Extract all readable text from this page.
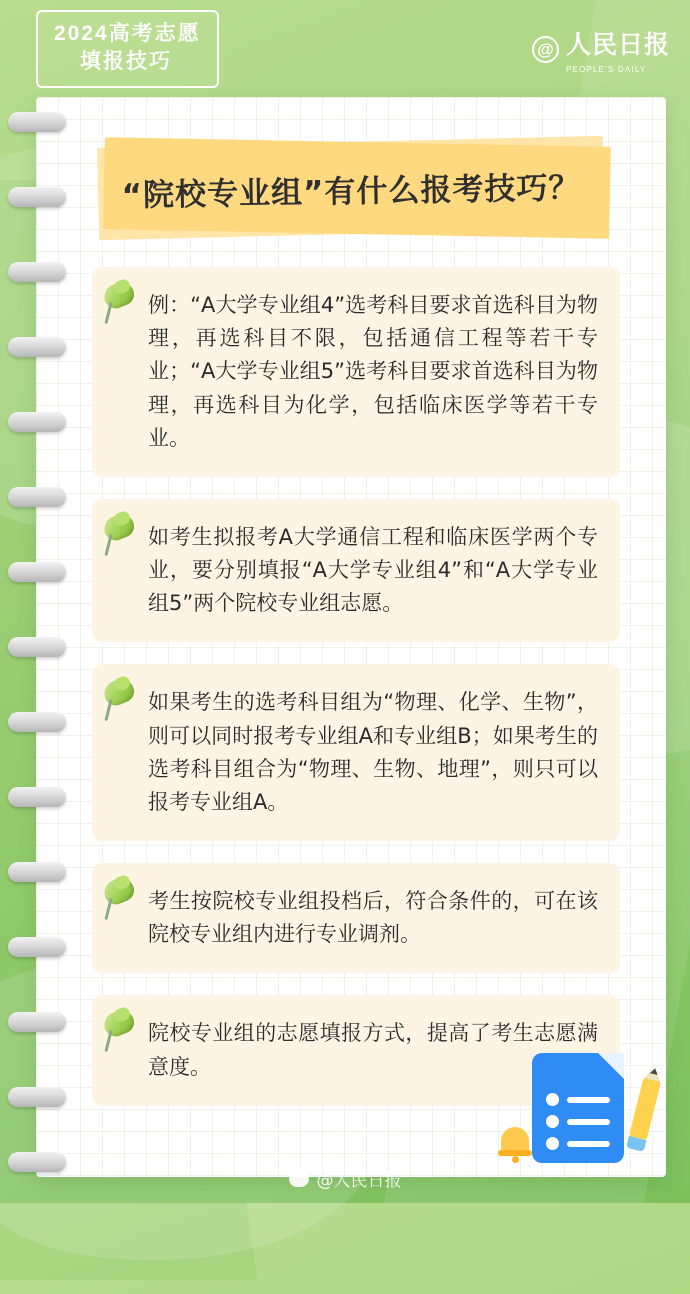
2024高考志愿
填报技巧
@ 人民日报
PEOPLE'S DAILY
“院校专业组”有什么报考技巧？

例：“A大学专业组4”选考科目要求首选科目为物理，再选科目不限，包括通信工程等若干专业；“A大学专业组5”选考科目要求首选科目为物理，再选科目为化学，包括临床医学等若干专业。

如考生拟报考A大学通信工程和临床医学两个专业，要分别填报“A大学专业组4”和“A大学专业组5”两个院校专业组志愿。

如果考生的选考科目组为“物理、化学、生物”，则可以同时报考专业组A和专业组B；如果考生的选考科目组合为“物理、生物、地理”，则只可以报考专业组A。

考生按院校专业组投档后，符合条件的，可在该院校专业组内进行专业调剂。

院校专业组的志愿填报方式，提高了考生志愿满意度。

@人民日报
